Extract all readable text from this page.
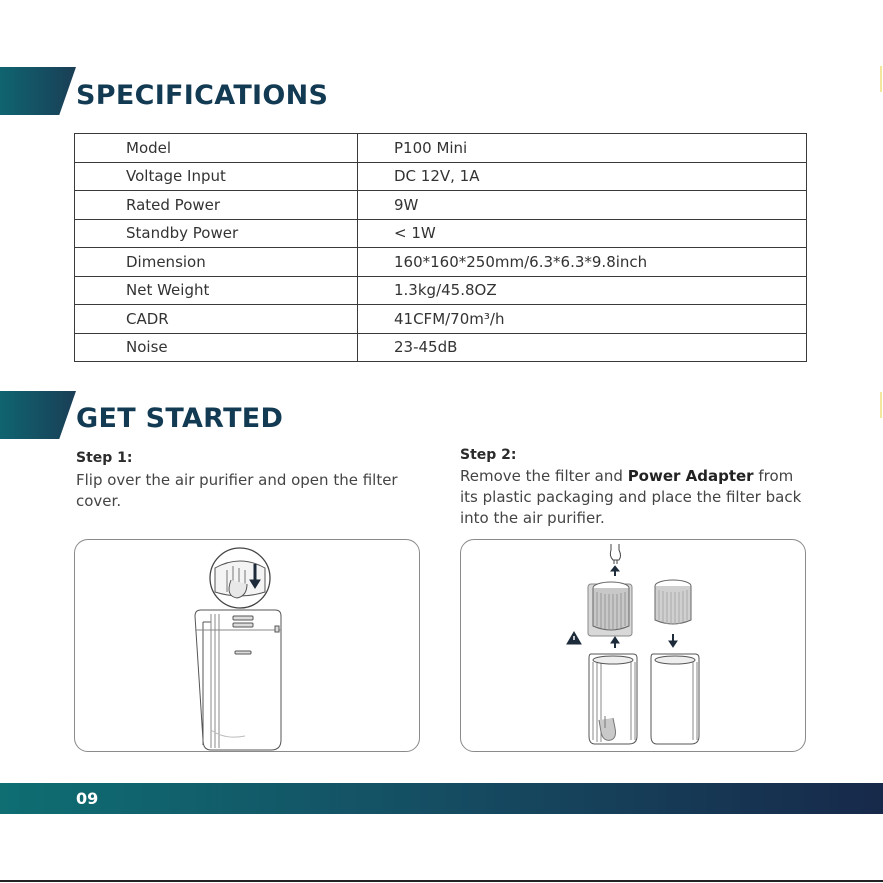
SPECIFICATIONS
Model	P100 Mini
Voltage Input	DC 12V, 1A
Rated Power	9W
Standby Power	< 1W
Dimension	160*160*250mm/6.3*6.3*9.8inch
Net Weight	1.3kg/45.8OZ
CADR	41CFM/70m³/h
Noise	23-45dB
GET STARTED
Step 1:
Flip over the air purifier and open the filter cover.
Step 2:
Remove the filter and Power Adapter from its plastic packaging and place the filter back into the air purifier.
09
